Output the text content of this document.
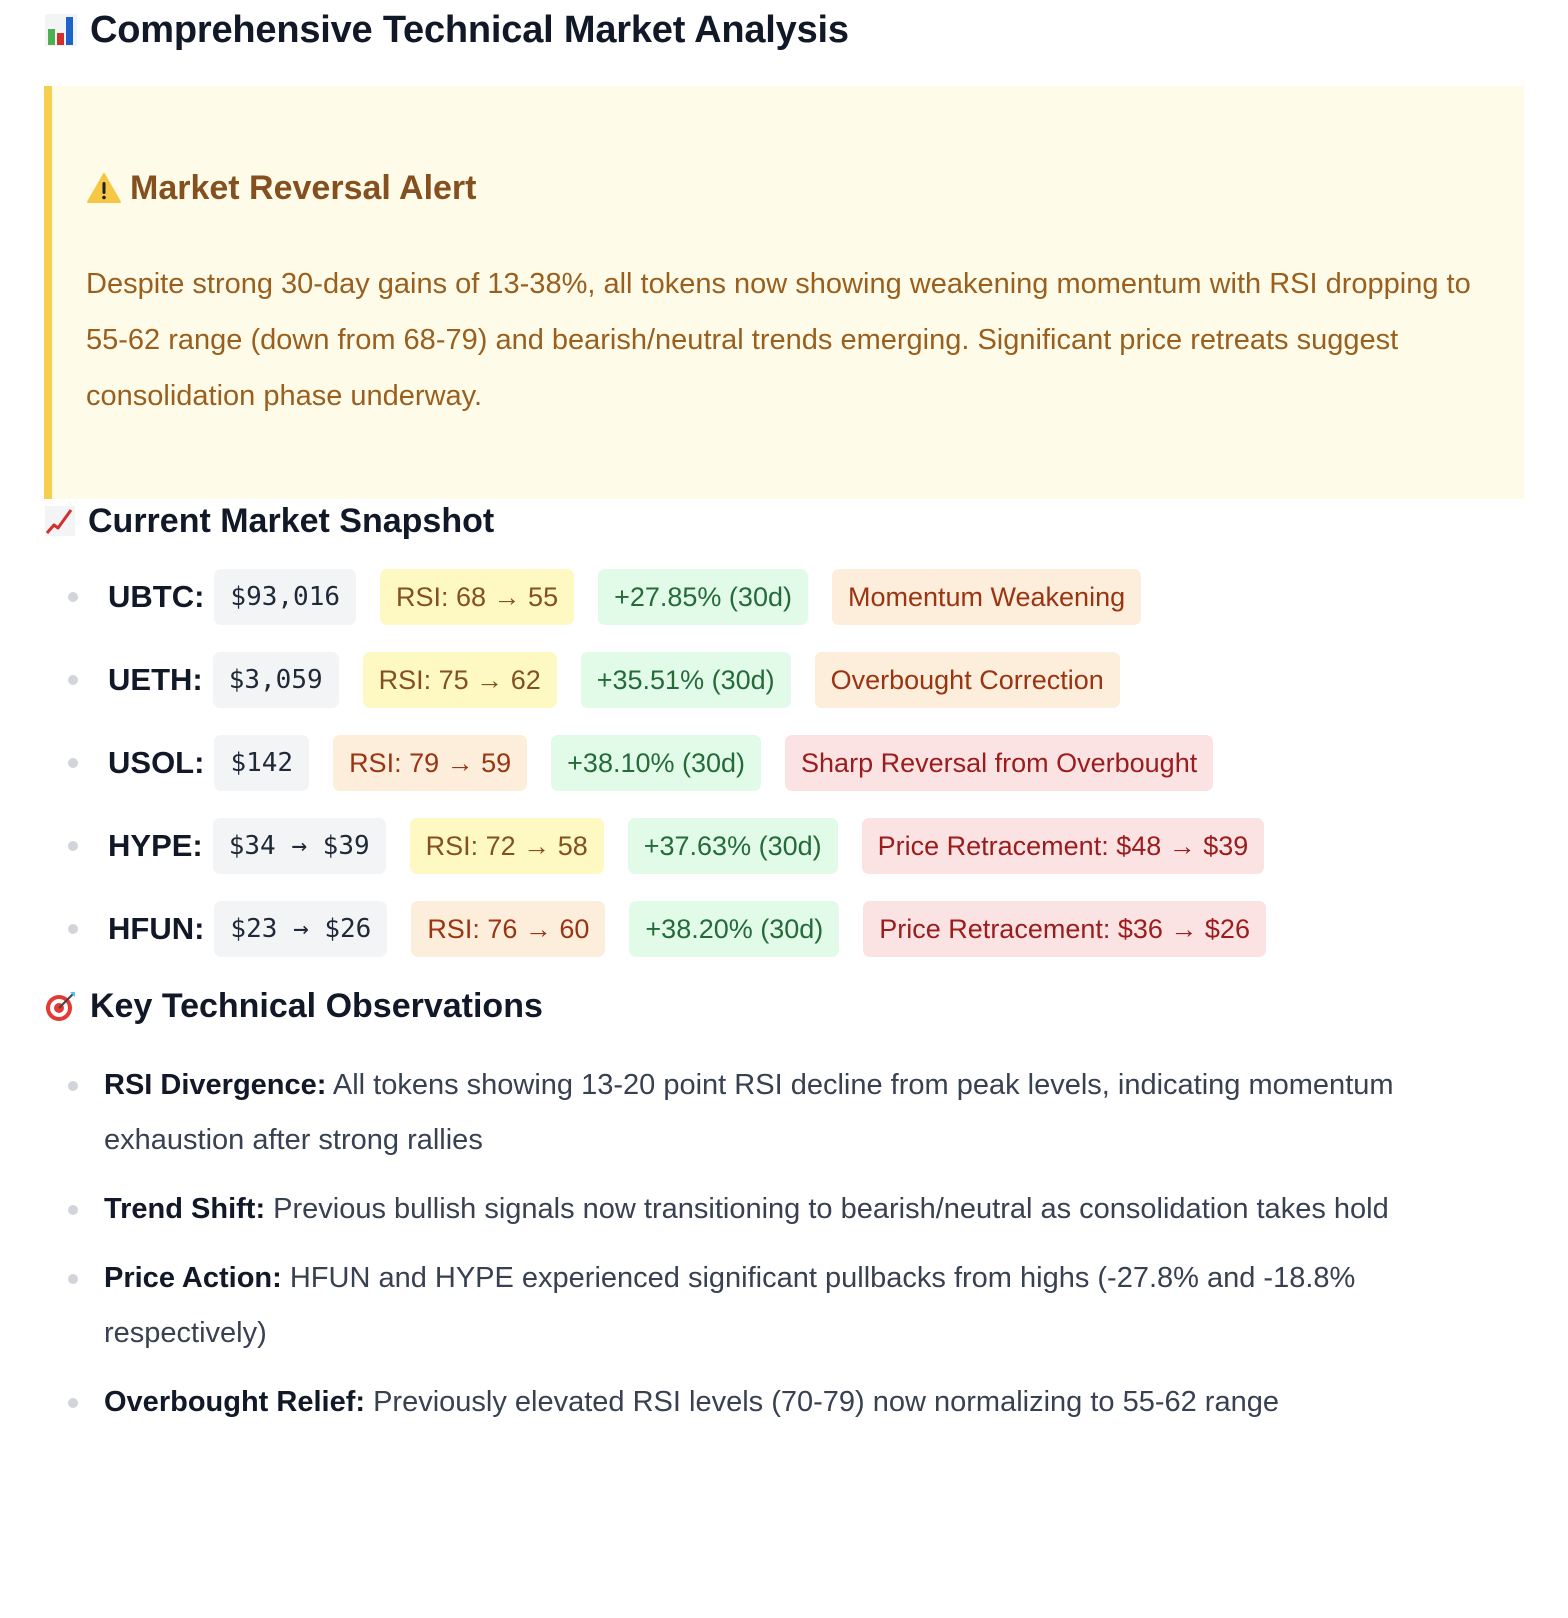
Comprehensive Technical Market Analysis
Market Reversal Alert

Despite strong 30-day gains of 13-38%, all tokens now showing weakening momentum with RSI dropping to 55-62 range (down from 68-79) and bearish/neutral trends emerging. Significant price retreats suggest consolidation phase underway.

Current Market Snapshot
UBTC:	$93,016	RSI: 68 → 55	+27.85% (30d)	Momentum Weakening
UETH:	$3,059	RSI: 75 → 62	+35.51% (30d)	Overbought Correction
USOL:	$142	RSI: 79 → 59	+38.10% (30d)	Sharp Reversal from Overbought
HYPE:	$34 → $39	RSI: 72 → 58	+37.63% (30d)	Price Retracement: $48 → $39
HFUN:	$23 → $26	RSI: 76 → 60	+38.20% (30d)	Price Retracement: $36 → $26
Key Technical Observations
RSI Divergence: All tokens showing 13-20 point RSI decline from peak levels, indicating momentum exhaustion after strong rallies
Trend Shift: Previous bullish signals now transitioning to bearish/neutral as consolidation takes hold
Price Action: HFUN and HYPE experienced significant pullbacks from highs (-27.8% and -18.8% respectively)
Overbought Relief: Previously elevated RSI levels (70-79) now normalizing to 55-62 range
